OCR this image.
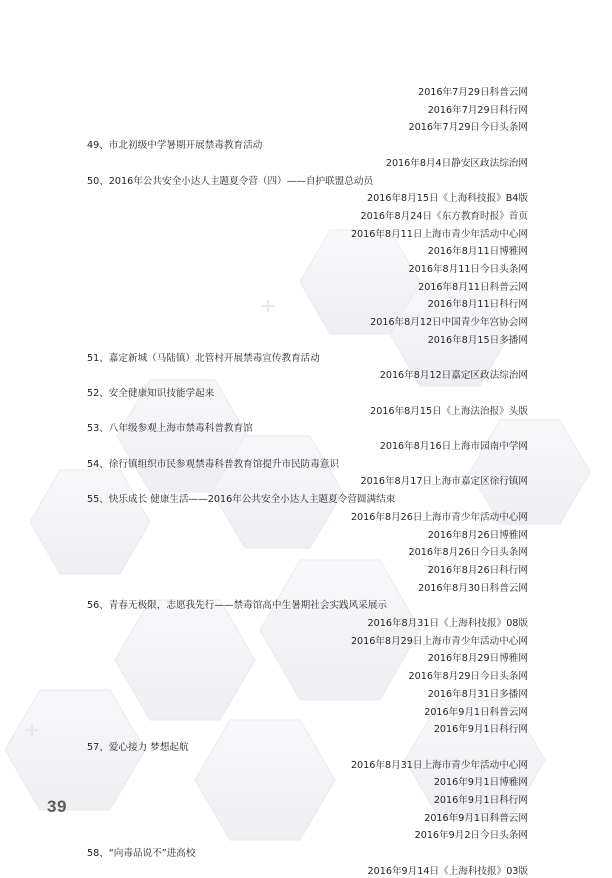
2016年7月29日科普云网
2016年7月29日科行网
2016年7月29日今日头条网
49、市北初级中学暑期开展禁毒教育活动
2016年8月4日静安区政法综治网
50、2016年公共安全小达人主题夏令营（四）——自护联盟总动员
2016年8月15日《上海科技报》B4版
2016年8月24日《东方教育时报》首页
2016年8月11日上海市青少年活动中心网
2016年8月11日博雅网
2016年8月11日今日头条网
2016年8月11日科普云网
2016年8月11日科行网
2016年8月12日中国青少年宫协会网
2016年8月15日多播网
51、嘉定新城（马陆镇）北管村开展禁毒宣传教育活动
2016年8月12日嘉定区政法综治网
52、安全健康知识技能学起来
2016年8月15日《上海法治报》头版
53、八年级参观上海市禁毒科普教育馆
2016年8月16日上海市园南中学网
54、徐行镇组织市民参观禁毒科普教育馆提升市民防毒意识
2016年8月17日上海市嘉定区徐行镇网
55、快乐成长 健康生活——2016年公共安全小达人主题夏令营圆满结束
2016年8月26日上海市青少年活动中心网
2016年8月26日博雅网
2016年8月26日今日头条网
2016年8月26日科行网
2016年8月30日科普云网
56、青春无极限，志愿我先行——禁毒馆高中生暑期社会实践风采展示
2016年8月31日《上海科技报》08版
2016年8月29日上海市青少年活动中心网
2016年8月29日博雅网
2016年8月29日今日头条网
2016年8月31日多播网
2016年9月1日科普云网
2016年9月1日科行网
57、爱心接力 梦想起航
2016年8月31日上海市青少年活动中心网
2016年9月1日博雅网
2016年9月1日科行网
2016年9月1日科普云网
2016年9月2日今日头条网
58、“向毒品说不”进高校
2016年9月14日《上海科技报》03版
39
